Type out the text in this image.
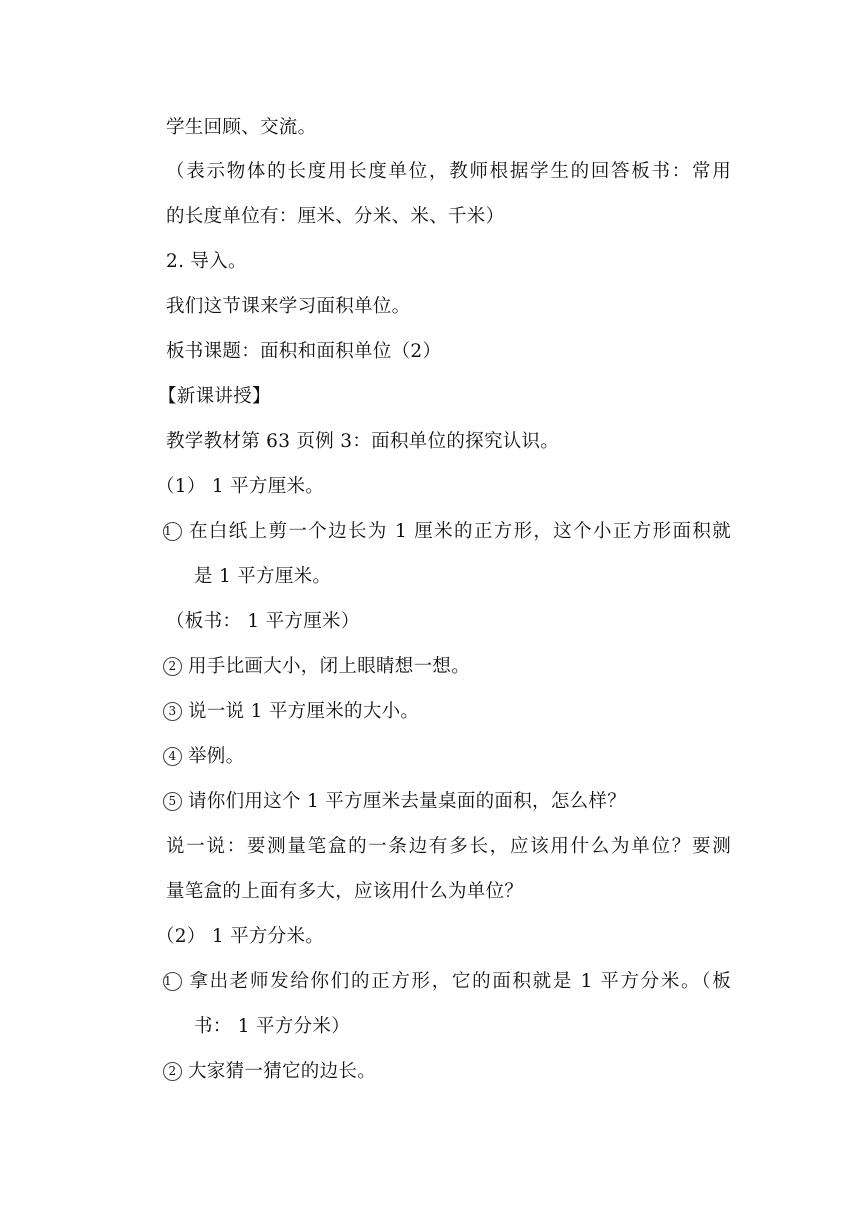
学生回顾、交流。
（表示物体的长度用长度单位，教师根据学生的回答板书：常用
的长度单位有：厘米、分米、米、千米）
2. 导入。
我们这节课来学习面积单位。
板书课题：面积和面积单位（2）
【新课讲授】
教学教材第 63 页例 3：面积单位的探究认识。
（1） 1 平方厘米。
1 在白纸上剪一个边长为 1 厘米的正方形，这个小正方形面积就
是 1 平方厘米。
（板书： 1 平方厘米）
2 用手比画大小，闭上眼睛想一想。
3 说一说 1 平方厘米的大小。
4 举例。
5 请你们用这个 1 平方厘米去量桌面的面积，怎么样？
说一说：要测量笔盒的一条边有多长，应该用什么为单位？要测
量笔盒的上面有多大，应该用什么为单位？
（2） 1 平方分米。
1 拿出老师发给你们的正方形，它的面积就是 1 平方分米。（板
书： 1 平方分米）
2 大家猜一猜它的边长。
